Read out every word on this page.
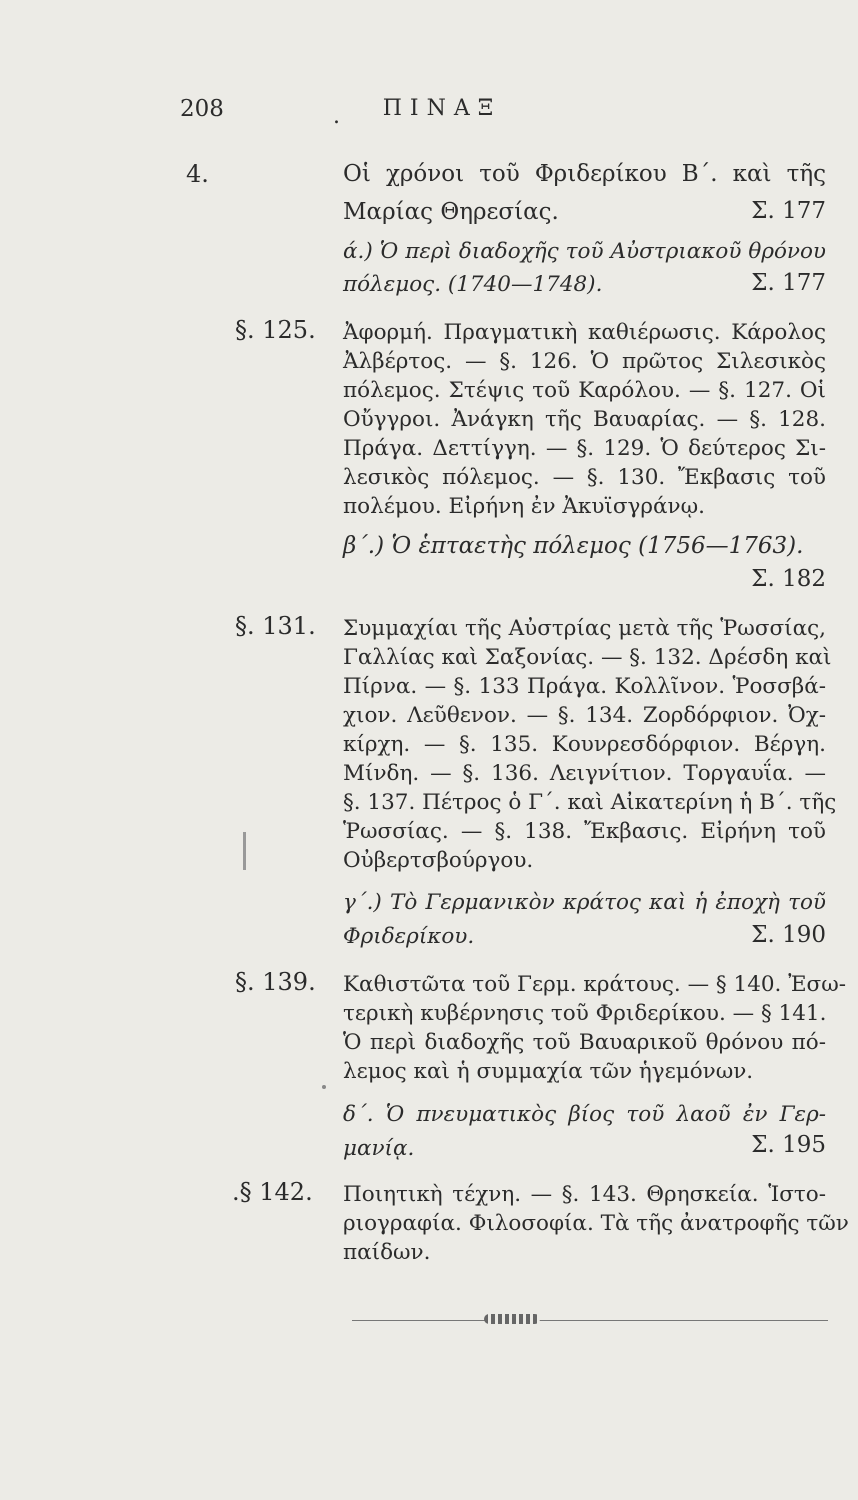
208	. ΠΙΝΑΞ
4.	Οἱ χρόνοι τοῦ Φριδερίκου Β΄. καὶ τῆς
Μαρίας Θηρεσίας.	Σ. 177
ά.) Ὁ περὶ διαδοχῆς τοῦ Αὐστριακοῦ θρόνου
πόλεμος. (1740—1748).	Σ. 177
§. 125. Ἀφορμή. Πραγματικὴ καθιέρωσις. Κάρολος
Ἀλβέρτος. — §. 126. Ὁ πρῶτος Σιλεσικὸς
πόλεμος. Στέψις τοῦ Καρόλου. — §. 127. Οἱ
Οὔγγροι. Ἀνάγκη τῆς Βαυαρίας. — §. 128.
Πράγα. Δεττίγγη. — §. 129. Ὁ δεύτερος Σι-
λεσικὸς πόλεμος. — §. 130. Ἔκβασις τοῦ
πολέμου. Εἰρήνη ἐν Ἀκυϊσγράνῳ.
β΄.) Ὁ ἑπταετὴς πόλεμος (1756—1763).
Σ. 182
§. 131. Συμμαχίαι τῆς Αὐστρίας μετὰ τῆς Ῥωσσίας,
Γαλλίας καὶ Σαξονίας. — §. 132. Δρέσδη καὶ
Πίρνα. — §. 133 Πράγα. Κολλῖνον. Ῥοσσβά-
χιον. Λεῦθενον. — §. 134. Ζορδόρφιον. Ὀχ-
κίρχη. — §. 135. Κουνρεσδόρφιον. Βέργη.
Μίνδη. — §. 136. Λειγνίτιον. Τοργαυΐα. —
§. 137. Πέτρος ὁ Γ΄. καὶ Αἰκατερίνη ἡ Β΄. τῆς
Ῥωσσίας. — §. 138. Ἔκβασις. Εἰρήνη τοῦ
Οὐβερτσβούργου.
γ΄.) Τὸ Γερμανικὸν κράτος καὶ ἡ ἐποχὴ τοῦ
Φριδερίκου.	Σ. 190
§. 139. Καθιστῶτα τοῦ Γερμ. κράτους. — § 140. Ἐσω-
τερικὴ κυβέρνησις τοῦ Φριδερίκου. — § 141.
Ὁ περὶ διαδοχῆς τοῦ Βαυαρικοῦ θρόνου πό-
λεμος καὶ ἡ συμμαχία τῶν ἡγεμόνων.
δ΄. Ὁ πνευματικὸς βίος τοῦ λαοῦ ἐν Γερ-
μανίᾳ.	Σ. 195
.§ 142. Ποιητικὴ τέχνη. — §. 143. Θρησκεία. Ἱστο-
ριογραφία. Φιλοσοφία. Τὰ τῆς ἀνατροφῆς τῶν
παίδων.
